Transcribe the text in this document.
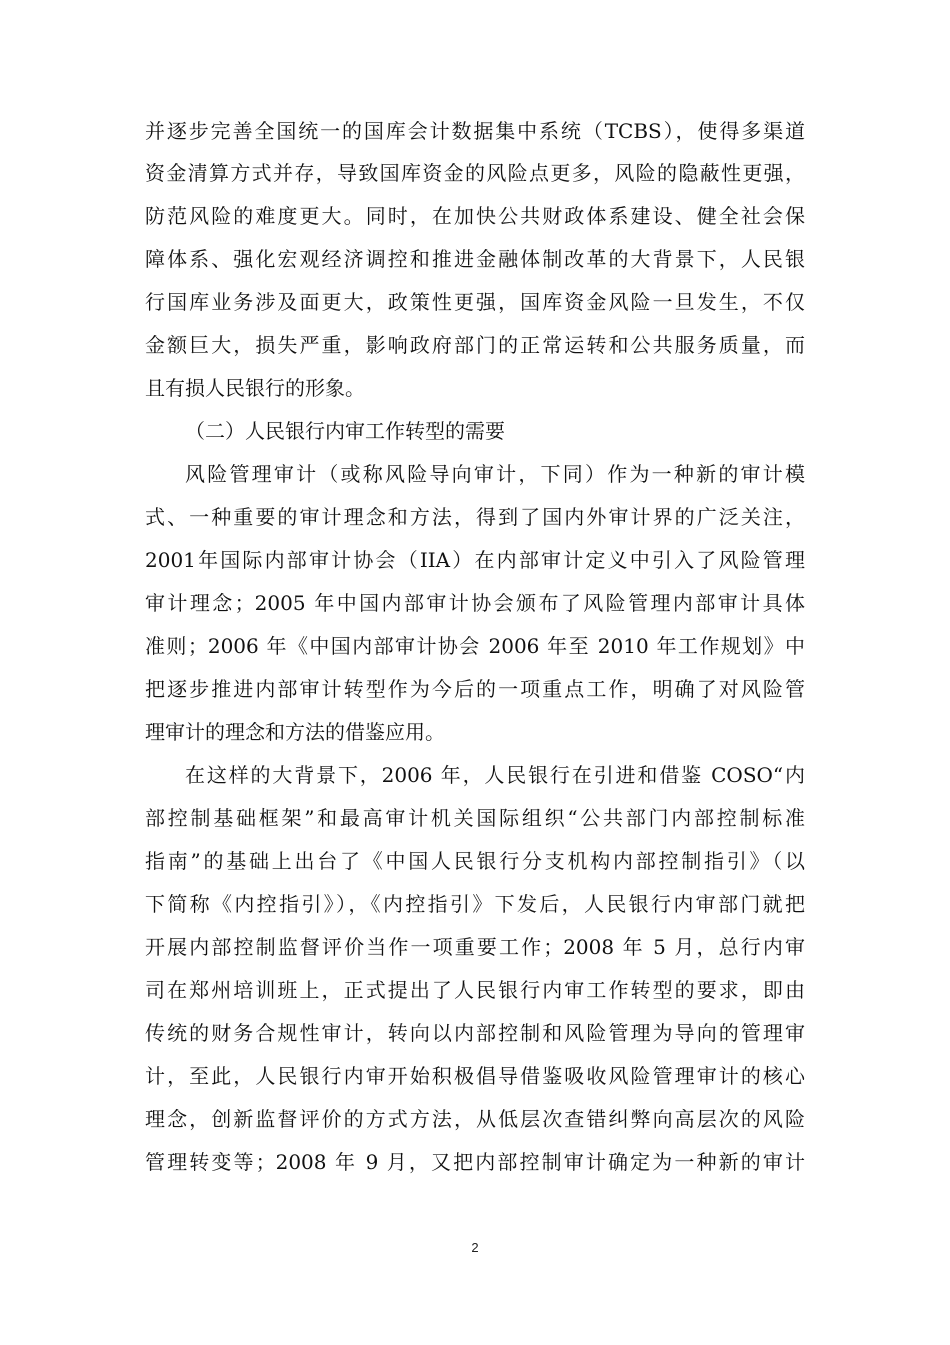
并逐步完善全国统一的国库会计数据集中系统（TCBS），使得多渠道
资金清算方式并存，导致国库资金的风险点更多，风险的隐蔽性更强，
防范风险的难度更大。同时，在加快公共财政体系建设、健全社会保
障体系、强化宏观经济调控和推进金融体制改革的大背景下，人民银
行国库业务涉及面更大，政策性更强，国库资金风险一旦发生，不仅
金额巨大，损失严重，影响政府部门的正常运转和公共服务质量，而
且有损人民银行的形象。
（二）人民银行内审工作转型的需要
风险管理审计（或称风险导向审计，下同）作为一种新的审计模
式、一种重要的审计理念和方法，得到了国内外审计界的广泛关注，
2001年国际内部审计协会（IIA）在内部审计定义中引入了风险管理
审计理念；2005 年中国内部审计协会颁布了风险管理内部审计具体
准则；2006 年《中国内部审计协会 2006 年至 2010 年工作规划》中
把逐步推进内部审计转型作为今后的一项重点工作，明确了对风险管
理审计的理念和方法的借鉴应用。
在这样的大背景下，2006 年，人民银行在引进和借鉴 COSO“内
部控制基础框架”和最高审计机关国际组织“公共部门内部控制标准
指南”的基础上出台了《中国人民银行分支机构内部控制指引》（以
下简称《内控指引》），《内控指引》下发后，人民银行内审部门就把
开展内部控制监督评价当作一项重要工作；2008 年 5 月，总行内审
司在郑州培训班上，正式提出了人民银行内审工作转型的要求，即由
传统的财务合规性审计，转向以内部控制和风险管理为导向的管理审
计，至此，人民银行内审开始积极倡导借鉴吸收风险管理审计的核心
理念，创新监督评价的方式方法，从低层次查错纠弊向高层次的风险
管理转变等；2008 年 9 月，又把内部控制审计确定为一种新的审计
2
